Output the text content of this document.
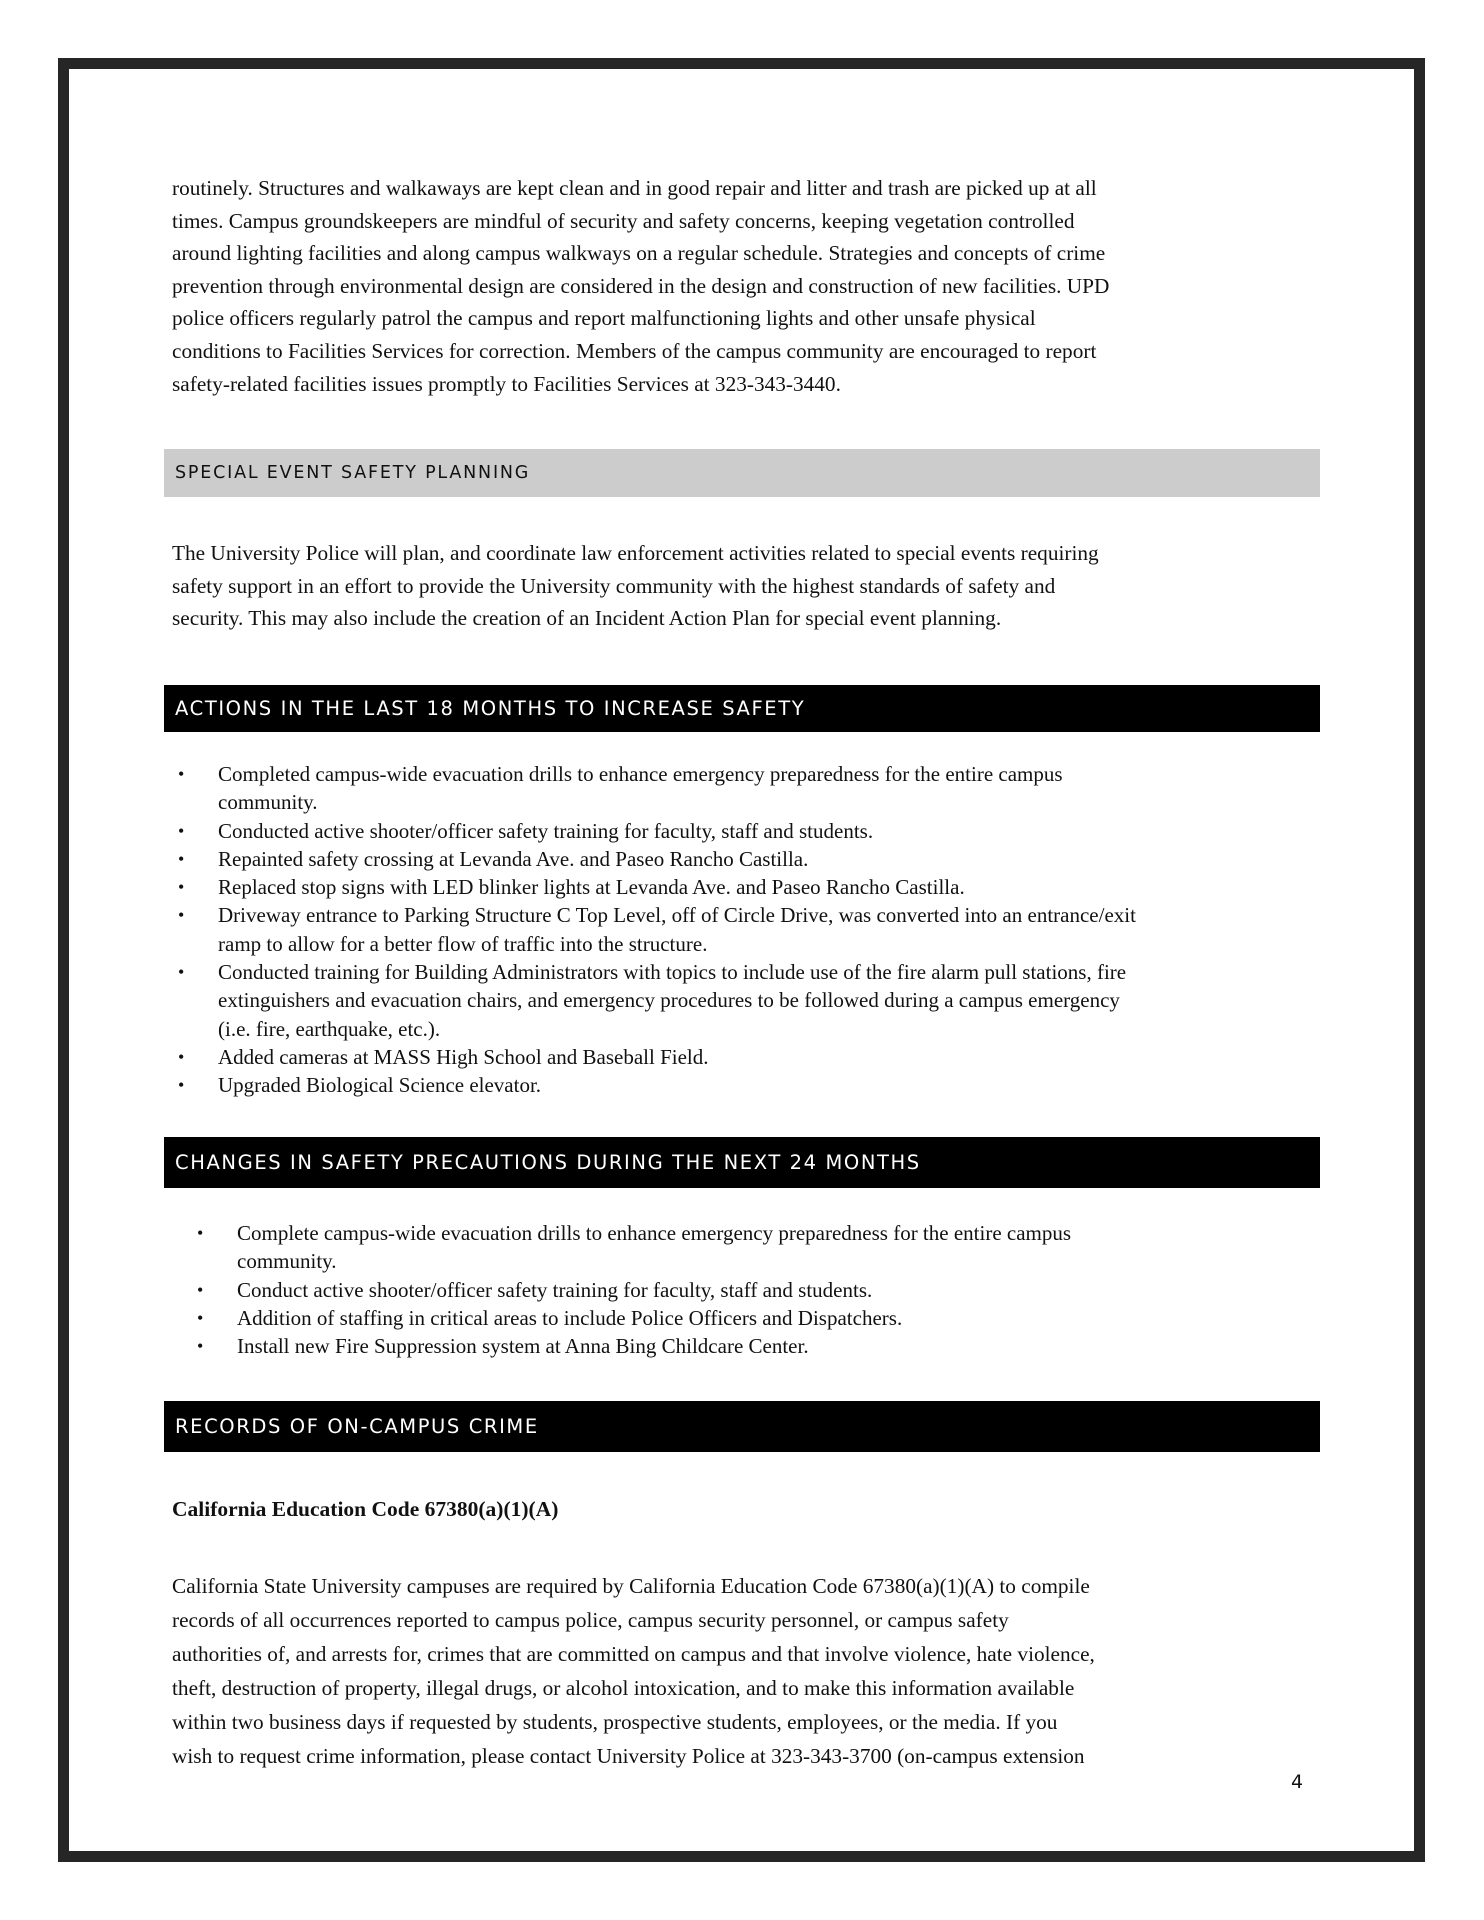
routinely. Structures and walkaways are kept clean and in good repair and litter and trash are picked up at all
times. Campus groundskeepers are mindful of security and safety concerns, keeping vegetation controlled
around lighting facilities and along campus walkways on a regular schedule. Strategies and concepts of crime
prevention through environmental design are considered in the design and construction of new facilities. UPD
police officers regularly patrol the campus and report malfunctioning lights and other unsafe physical
conditions to Facilities Services for correction. Members of the campus community are encouraged to report
safety-related facilities issues promptly to Facilities Services at 323-343-3440.

SPECIAL EVENT SAFETY PLANNING

The University Police will plan, and coordinate law enforcement activities related to special events requiring
safety support in an effort to provide the University community with the highest standards of safety and
security. This may also include the creation of an Incident Action Plan for special event planning.

ACTIONS IN THE LAST 18 MONTHS TO INCREASE SAFETY
• Completed campus-wide evacuation drills to enhance emergency preparedness for the entire campus
community.
• Conducted active shooter/officer safety training for faculty, staff and students.
• Repainted safety crossing at Levanda Ave. and Paseo Rancho Castilla.
• Replaced stop signs with LED blinker lights at Levanda Ave. and Paseo Rancho Castilla.
• Driveway entrance to Parking Structure C Top Level, off of Circle Drive, was converted into an entrance/exit
ramp to allow for a better flow of traffic into the structure.
• Conducted training for Building Administrators with topics to include use of the fire alarm pull stations, fire
extinguishers and evacuation chairs, and emergency procedures to be followed during a campus emergency
(i.e. fire, earthquake, etc.).
• Added cameras at MASS High School and Baseball Field.
• Upgraded Biological Science elevator.
CHANGES IN SAFETY PRECAUTIONS DURING THE NEXT 24 MONTHS
• Complete campus-wide evacuation drills to enhance emergency preparedness for the entire campus
community.
• Conduct active shooter/officer safety training for faculty, staff and students.
• Addition of staffing in critical areas to include Police Officers and Dispatchers.
• Install new Fire Suppression system at Anna Bing Childcare Center.
RECORDS OF ON-CAMPUS CRIME
California Education Code 67380(a)(1)(A)

California State University campuses are required by California Education Code 67380(a)(1)(A) to compile
records of all occurrences reported to campus police, campus security personnel, or campus safety
authorities of, and arrests for, crimes that are committed on campus and that involve violence, hate violence,
theft, destruction of property, illegal drugs, or alcohol intoxication, and to make this information available
within two business days if requested by students, prospective students, employees, or the media. If you
wish to request crime information, please contact University Police at 323-343-3700 (on-campus extension

4
